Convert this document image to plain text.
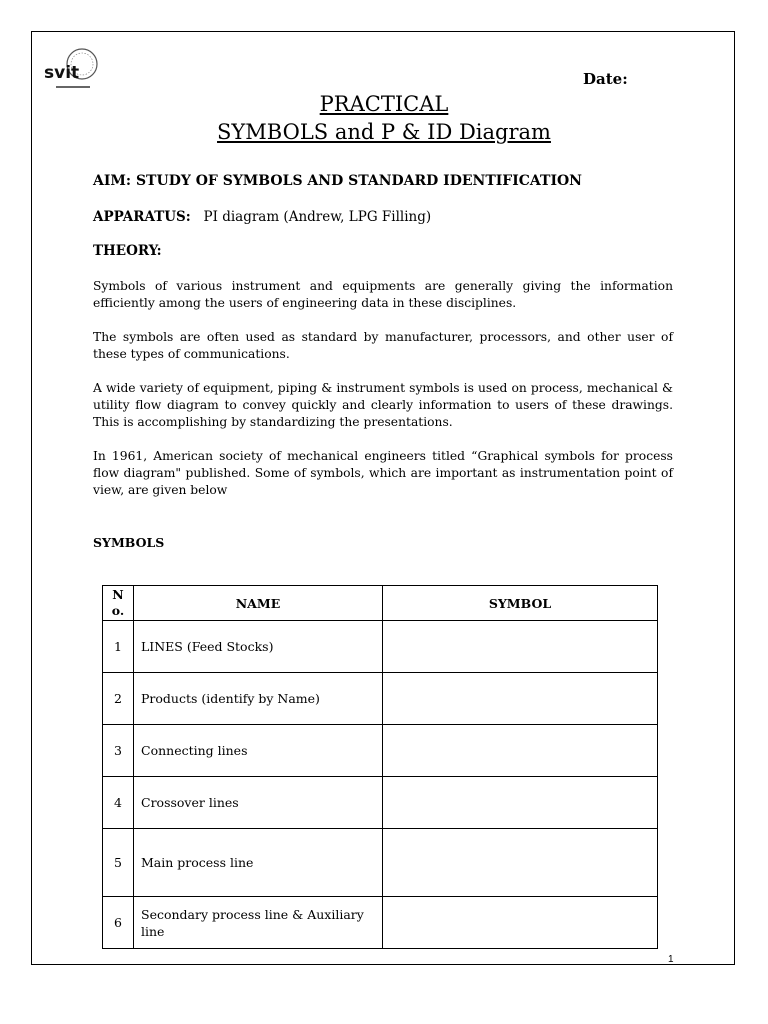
svit	Date:
PRACTICAL
SYMBOLS and P & ID Diagram
AIM: STUDY OF SYMBOLS AND STANDARD IDENTIFICATION
APPARATUS: PI diagram (Andrew, LPG Filling)
THEORY:
Symbols of various instrument and equipments are generally giving the information efficiently among the users of engineering data in these disciplines.
The symbols are often used as standard by manufacturer, processors, and other user of these types of communications.
A wide variety of equipment, piping & instrument symbols is used on process, mechanical & utility flow diagram to convey quickly and clearly information to users of these drawings. This is accomplishing by standardizing the presentations.
In 1961, American society of mechanical engineers titled “Graphical symbols for process flow diagram" published. Some of symbols, which are important as instrumentation point of view, are given below
SYMBOLS
N o.	NAME	SYMBOL
1	LINES (Feed Stocks)	
2	Products (identify by Name)	
3	Connecting lines	
4	Crossover lines	
5	Main process line	
6	Secondary process line & Auxiliary line	
1
